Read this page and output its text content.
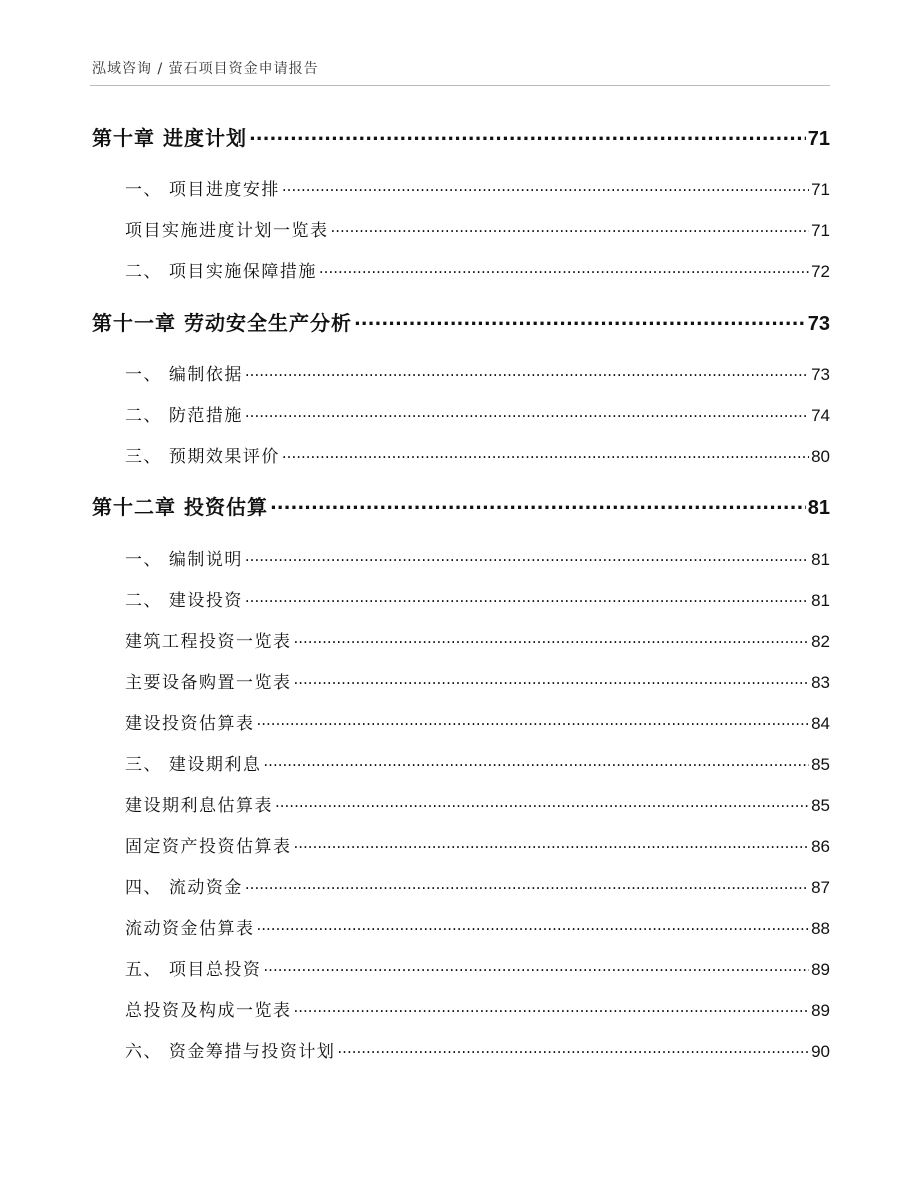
泓域咨询 / 萤石项目资金申请报告
第十章 进度计划 .....	71
一、 项目进度安排 .....	71
项目实施进度计划一览表 .....	71
二、 项目实施保障措施 .....	72
第十一章 劳动安全生产分析 .....	73
一、 编制依据 .....	73
二、 防范措施 .....	74
三、 预期效果评价 .....	80
第十二章 投资估算 .....	81
一、 编制说明 .....	81
二、 建设投资 .....	81
建筑工程投资一览表 .....	82
主要设备购置一览表 .....	83
建设投资估算表 .....	84
三、 建设期利息 .....	85
建设期利息估算表 .....	85
固定资产投资估算表 .....	86
四、 流动资金 .....	87
流动资金估算表 .....	88
五、 项目总投资 .....	89
总投资及构成一览表 .....	89
六、 资金筹措与投资计划 .....	90
